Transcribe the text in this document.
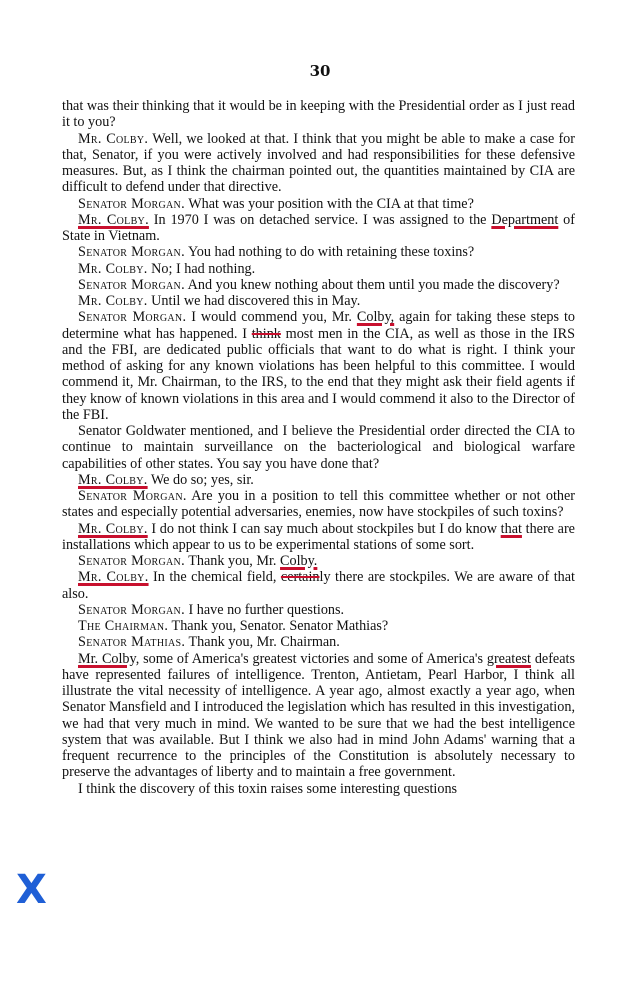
30

that was their thinking that it would be in keeping with the Presidential order as I just read it to you?

Mr. Colby. Well, we looked at that. I think that you might be able to make a case for that, Senator, if you were actively involved and had responsibilities for these defensive measures. But, as I think the chairman pointed out, the quantities maintained by CIA are difficult to defend under that directive.

Senator Morgan. What was your position with the CIA at that time?

Mr. Colby. In 1970 I was on detached service. I was assigned to the Department of State in Vietnam.

Senator Morgan. You had nothing to do with retaining these toxins?

Mr. Colby. No; I had nothing.

Senator Morgan. And you knew nothing about them until you made the discovery?

Mr. Colby. Until we had discovered this in May.

Senator Morgan. I would commend you, Mr. Colby, again for taking these steps to determine what has happened. I think most men in the CIA, as well as those in the IRS and the FBI, are dedicated public officials that want to do what is right. I think your method of asking for any known violations has been helpful to this committee. I would commend it, Mr. Chairman, to the IRS, to the end that they might ask their field agents if they know of known violations in this area and I would commend it also to the Director of the FBI.

Senator Goldwater mentioned, and I believe the Presidential order directed the CIA to continue to maintain surveillance on the bacteriological and biological warfare capabilities of other states. You say you have done that?

Mr. Colby. We do so; yes, sir.

Senator Morgan. Are you in a position to tell this committee whether or not other states and especially potential adversaries, enemies, now have stockpiles of such toxins?

Mr. Colby. I do not think I can say much about stockpiles but I do know that there are installations which appear to us to be experimental stations of some sort.

Senator Morgan. Thank you, Mr. Colby.

Mr. Colby. In the chemical field, certainly there are stockpiles. We are aware of that also.

Senator Morgan. I have no further questions.

The Chairman. Thank you, Senator. Senator Mathias?

Senator Mathias. Thank you, Mr. Chairman.

Mr. Colby, some of America's greatest victories and some of America's greatest defeats have represented failures of intelligence. Trenton, Antietam, Pearl Harbor, I think all illustrate the vital necessity of intelligence. A year ago, almost exactly a year ago, when Senator Mansfield and I introduced the legislation which has resulted in this investigation, we had that very much in mind. We wanted to be sure that we had the best intelligence system that was available. But I think we also had in mind John Adams' warning that a frequent recurrence to the principles of the Constitution is absolutely necessary to preserve the advantages of liberty and to maintain a free government.

I think the discovery of this toxin raises some interesting questions

X
